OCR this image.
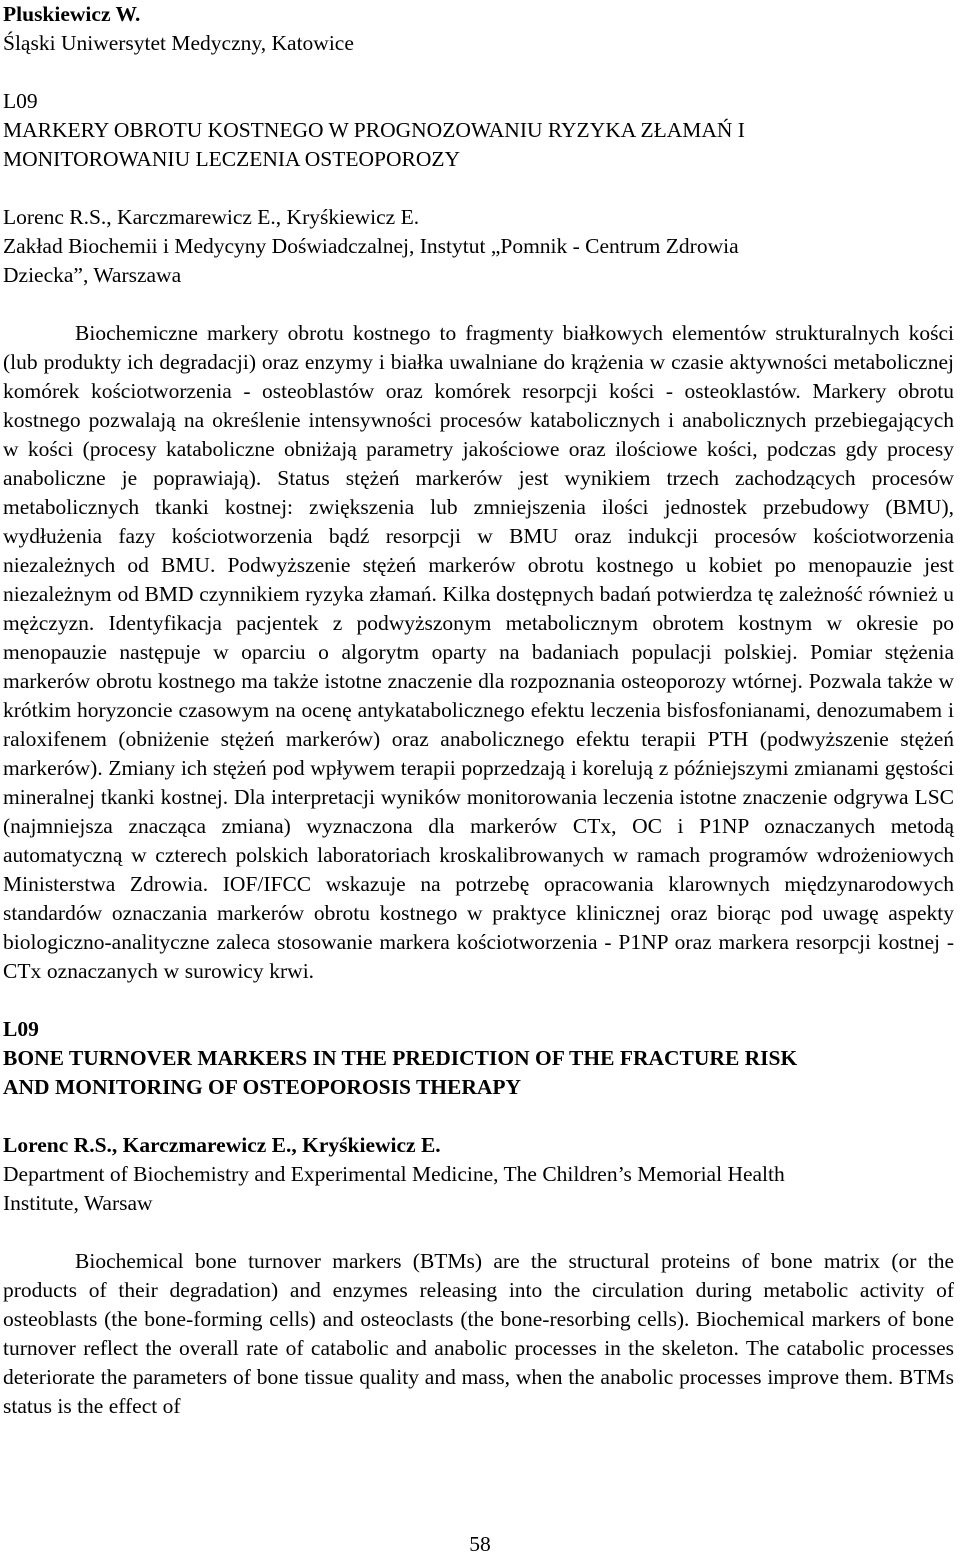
Pluskiewicz W.
Śląski Uniwersytet Medyczny, Katowice
L09
MARKERY OBROTU KOSTNEGO W PROGNOZOWANIU RYZYKA ZŁAMAŃ I
MONITOROWANIU LECZENIA OSTEOPOROZY
Lorenc R.S., Karczmarewicz E., Kryśkiewicz E.
Zakład Biochemii i Medycyny Doświadczalnej, Instytut „Pomnik - Centrum Zdrowia
Dziecka”, Warszawa

Biochemiczne markery obrotu kostnego to fragmenty białkowych elementów strukturalnych kości (lub produkty ich degradacji) oraz enzymy i białka uwalniane do krążenia w czasie aktywności metabolicznej komórek kościotworzenia - osteoblastów oraz komórek resorpcji kości - osteoklastów. Markery obrotu kostnego pozwalają na określenie intensywności procesów katabolicznych i anabolicznych przebiegających w kości (procesy kataboliczne obniżają parametry jakościowe oraz ilościowe kości, podczas gdy procesy anaboliczne je poprawiają). Status stężeń markerów jest wynikiem trzech zachodzących procesów metabolicznych tkanki kostnej: zwiększenia lub zmniejszenia ilości jednostek przebudowy (BMU), wydłużenia fazy kościotworzenia bądź resorpcji w BMU oraz indukcji procesów kościotworzenia niezależnych od BMU. Podwyższenie stężeń markerów obrotu kostnego u kobiet po menopauzie jest niezależnym od BMD czynnikiem ryzyka złamań. Kilka dostępnych badań potwierdza tę zależność również u mężczyzn. Identyfikacja pacjentek z podwyższonym metabolicznym obrotem kostnym w okresie po menopauzie następuje w oparciu o algorytm oparty na badaniach populacji polskiej. Pomiar stężenia markerów obrotu kostnego ma także istotne znaczenie dla rozpoznania osteoporozy wtórnej. Pozwala także w krótkim horyzoncie czasowym na ocenę antykatabolicznego efektu leczenia bisfosfonianami, denozumabem i raloxifenem (obniżenie stężeń markerów) oraz anabolicznego efektu terapii PTH (podwyższenie stężeń markerów). Zmiany ich stężeń pod wpływem terapii poprzedzają i korelują z późniejszymi zmianami gęstości mineralnej tkanki kostnej. Dla interpretacji wyników monitorowania leczenia istotne znaczenie odgrywa LSC (najmniejsza znacząca zmiana) wyznaczona dla markerów CTx, OC i P1NP oznaczanych metodą automatyczną w czterech polskich laboratoriach kroskalibrowanych w ramach programów wdrożeniowych Ministerstwa Zdrowia. IOF/IFCC wskazuje na potrzebę opracowania klarownych międzynarodowych standardów oznaczania markerów obrotu kostnego w praktyce klinicznej oraz biorąc pod uwagę aspekty biologiczno-analityczne zaleca stosowanie markera kościotworzenia - P1NP oraz markera resorpcji kostnej - CTx oznaczanych w surowicy krwi.

L09
BONE TURNOVER MARKERS IN THE PREDICTION OF THE FRACTURE RISK
AND MONITORING OF OSTEOPOROSIS THERAPY
Lorenc R.S., Karczmarewicz E., Kryśkiewicz E.
Department of Biochemistry and Experimental Medicine, The Children’s Memorial Health
Institute, Warsaw

Biochemical bone turnover markers (BTMs) are the structural proteins of bone matrix (or the products of their degradation) and enzymes releasing into the circulation during metabolic activity of osteoblasts (the bone-forming cells) and osteoclasts (the bone-resorbing cells). Biochemical markers of bone turnover reflect the overall rate of catabolic and anabolic processes in the skeleton. The catabolic processes deteriorate the parameters of bone tissue quality and mass, when the anabolic processes improve them. BTMs status is the effect of

58
